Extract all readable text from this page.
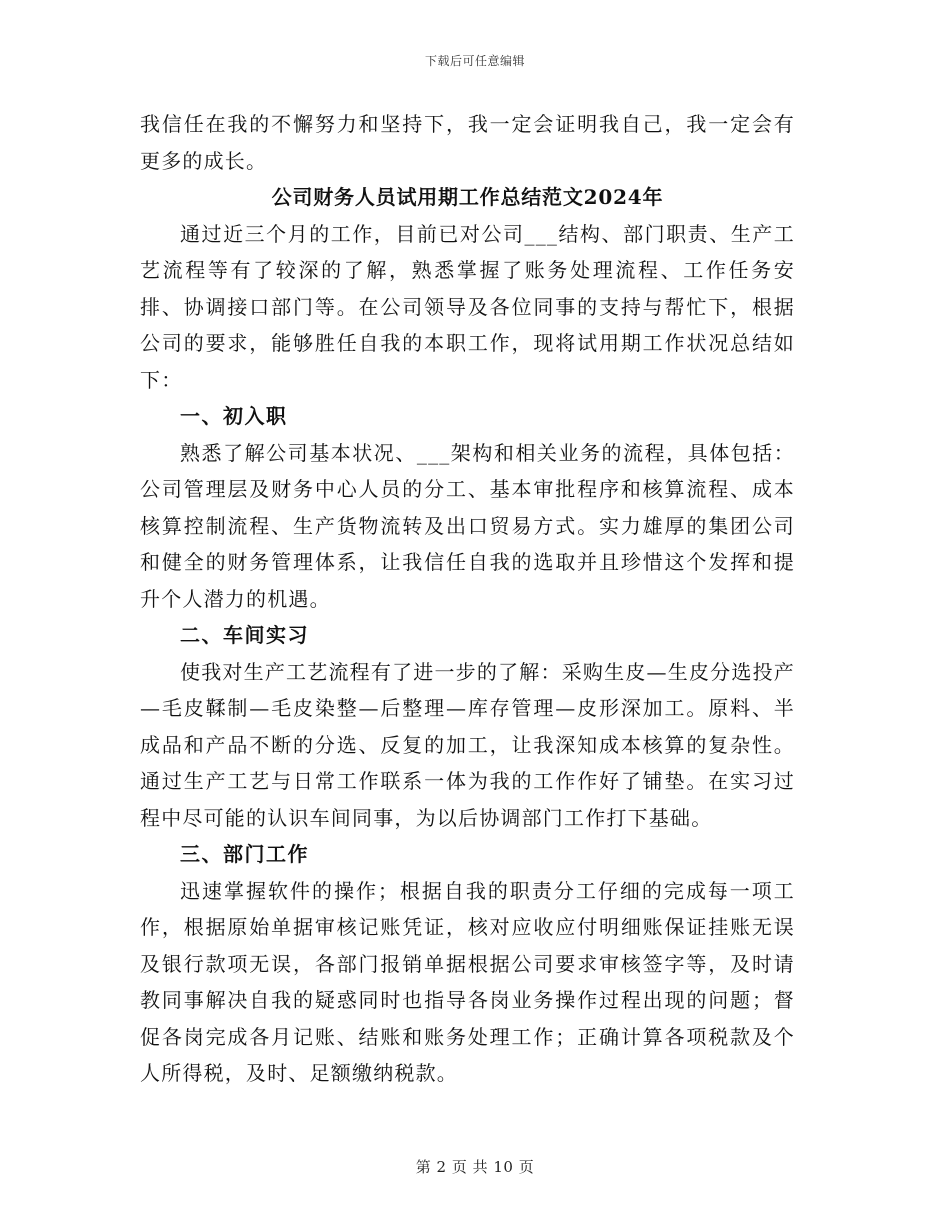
下载后可任意编辑

我信任在我的不懈努力和坚持下，我一定会证明我自己，我一定会有更多的成长。

公司财务人员试用期工作总结范文2024年

通过近三个月的工作，目前已对公司___结构、部门职责、生产工艺流程等有了较深的了解，熟悉掌握了账务处理流程、工作任务安排、协调接口部门等。在公司领导及各位同事的支持与帮忙下，根据公司的要求，能够胜任自我的本职工作，现将试用期工作状况总结如下：

一、初入职

熟悉了解公司基本状况、___架构和相关业务的流程，具体包括：公司管理层及财务中心人员的分工、基本审批程序和核算流程、成本核算控制流程、生产货物流转及出口贸易方式。实力雄厚的集团公司和健全的财务管理体系，让我信任自我的选取并且珍惜这个发挥和提升个人潜力的机遇。

二、车间实习

使我对生产工艺流程有了进一步的了解：采购生皮—生皮分选投产—毛皮鞣制—毛皮染整—后整理—库存管理—皮形深加工。原料、半成品和产品不断的分选、反复的加工，让我深知成本核算的复杂性。通过生产工艺与日常工作联系一体为我的工作作好了铺垫。在实习过程中尽可能的认识车间同事，为以后协调部门工作打下基础。

三、部门工作

迅速掌握软件的操作；根据自我的职责分工仔细的完成每一项工作，根据原始单据审核记账凭证，核对应收应付明细账保证挂账无误及银行款项无误，各部门报销单据根据公司要求审核签字等，及时请教同事解决自我的疑惑同时也指导各岗业务操作过程出现的问题；督促各岗完成各月记账、结账和账务处理工作；正确计算各项税款及个人所得税，及时、足额缴纳税款。

第 2 页 共 10 页
